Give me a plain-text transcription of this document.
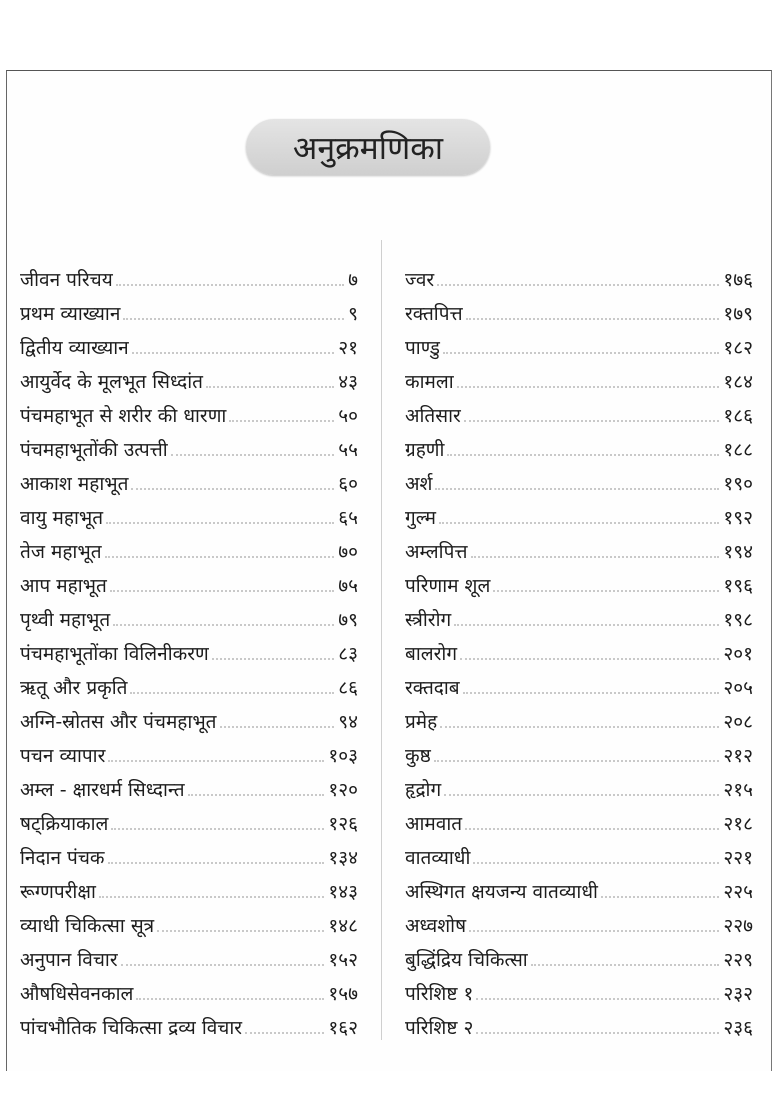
अनुक्रमणिका
जीवन परिचय	७
प्रथम व्याख्यान	९
द्वितीय व्याख्यान	२१
आयुर्वेद के मूलभूत सिध्दांत	४३
पंचमहाभूत से शरीर की धारणा	५०
पंचमहाभूतोंकी उत्पत्ती	५५
आकाश महाभूत	६०
वायु महाभूत	६५
तेज महाभूत	७०
आप महाभूत	७५
पृथ्वी महाभूत	७९
पंचमहाभूतोंका विलिनीकरण	८३
ऋतू और प्रकृति	८६
अग्नि-स्रोतस और पंचमहाभूत	९४
पचन व्यापार	१०३
अम्ल - क्षारधर्म सिध्दान्त	१२०
षट्क्रियाकाल	१२६
निदान पंचक	१३४
रूग्णपरीक्षा	१४३
व्याधी चिकित्सा सूत्र	१४८
अनुपान विचार	१५२
औषधिसेवनकाल	१५७
पांचभौतिक चिकित्सा द्रव्य विचार	१६२
ज्वर	१७६
रक्तपित्त	१७९
पाण्डु	१८२
कामला	१८४
अतिसार	१८६
ग्रहणी	१८८
अर्श	१९०
गुल्म	१९२
अम्लपित्त	१९४
परिणाम शूल	१९६
स्त्रीरोग	१९८
बालरोग	२०१
रक्तदाब	२०५
प्रमेह	२०८
कुष्ठ	२१२
हृद्रोग	२१५
आमवात	२१८
वातव्याधी	२२१
अस्थिगत क्षयजन्य वातव्याधी	२२५
अध्वशोष	२२७
बुद्धिंद्रिय चिकित्सा	२२९
परिशिष्ट १	२३२
परिशिष्ट २	२३६
